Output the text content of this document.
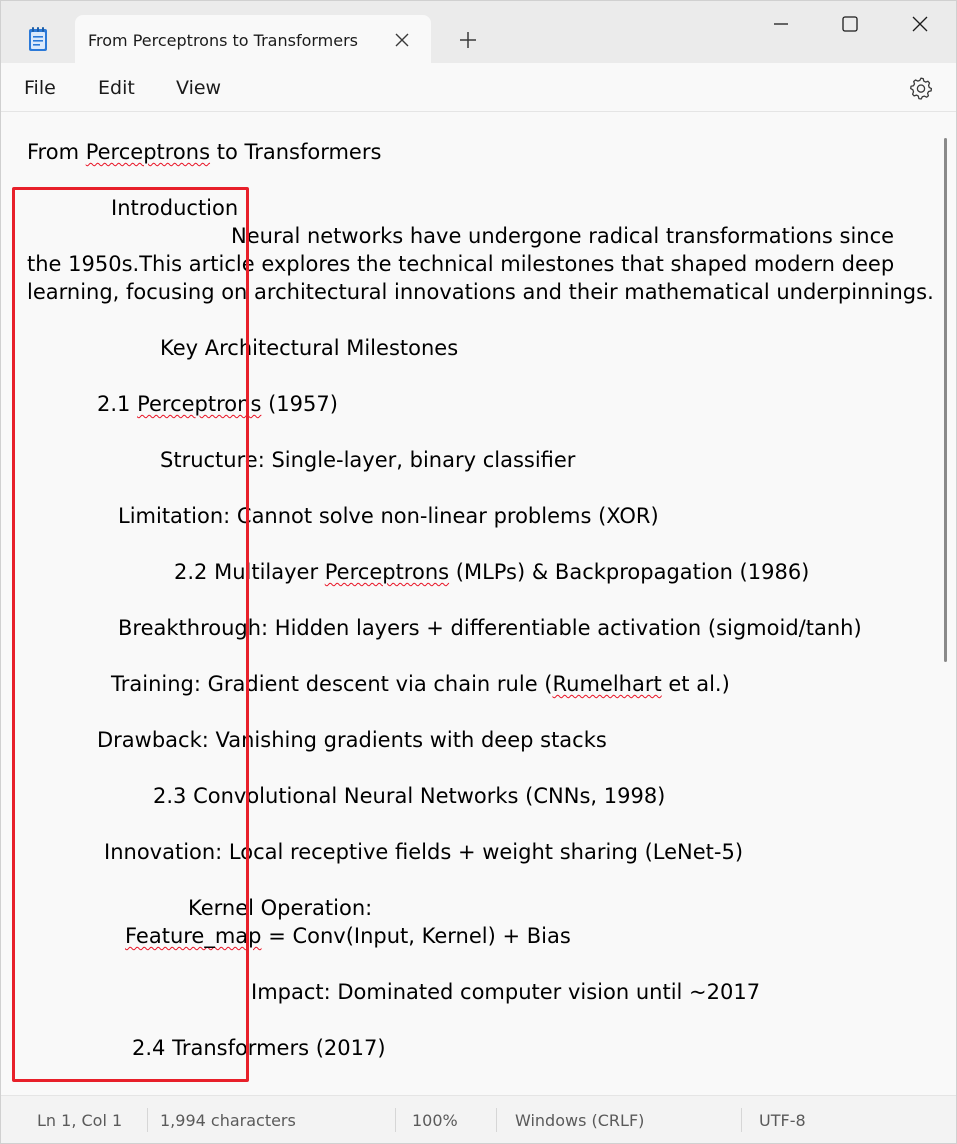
From Perceptrons to Transformers
File Edit View
From Perceptrons to Transformers
Introduction
Neural networks have undergone radical transformations since
the 1950s.This article explores the technical milestones that shaped modern deep
learning, focusing on architectural innovations and their mathematical underpinnings.
Key Architectural Milestones
2.1 Perceptrons (1957)
Structure: Single-layer, binary classifier
Limitation: Cannot solve non-linear problems (XOR)
2.2 Multilayer Perceptrons (MLPs) & Backpropagation (1986)
Breakthrough: Hidden layers + differentiable activation (sigmoid/tanh)
Training: Gradient descent via chain rule (Rumelhart et al.)
Drawback: Vanishing gradients with deep stacks
2.3 Convolutional Neural Networks (CNNs, 1998)
Innovation: Local receptive fields + weight sharing (LeNet-5)
Kernel Operation:
Feature_map = Conv(Input, Kernel) + Bias
Impact: Dominated computer vision until ~2017
2.4 Transformers (2017)
Ln 1, Col 1 1,994 characters	100%	Windows (CRLF)	UTF-8
